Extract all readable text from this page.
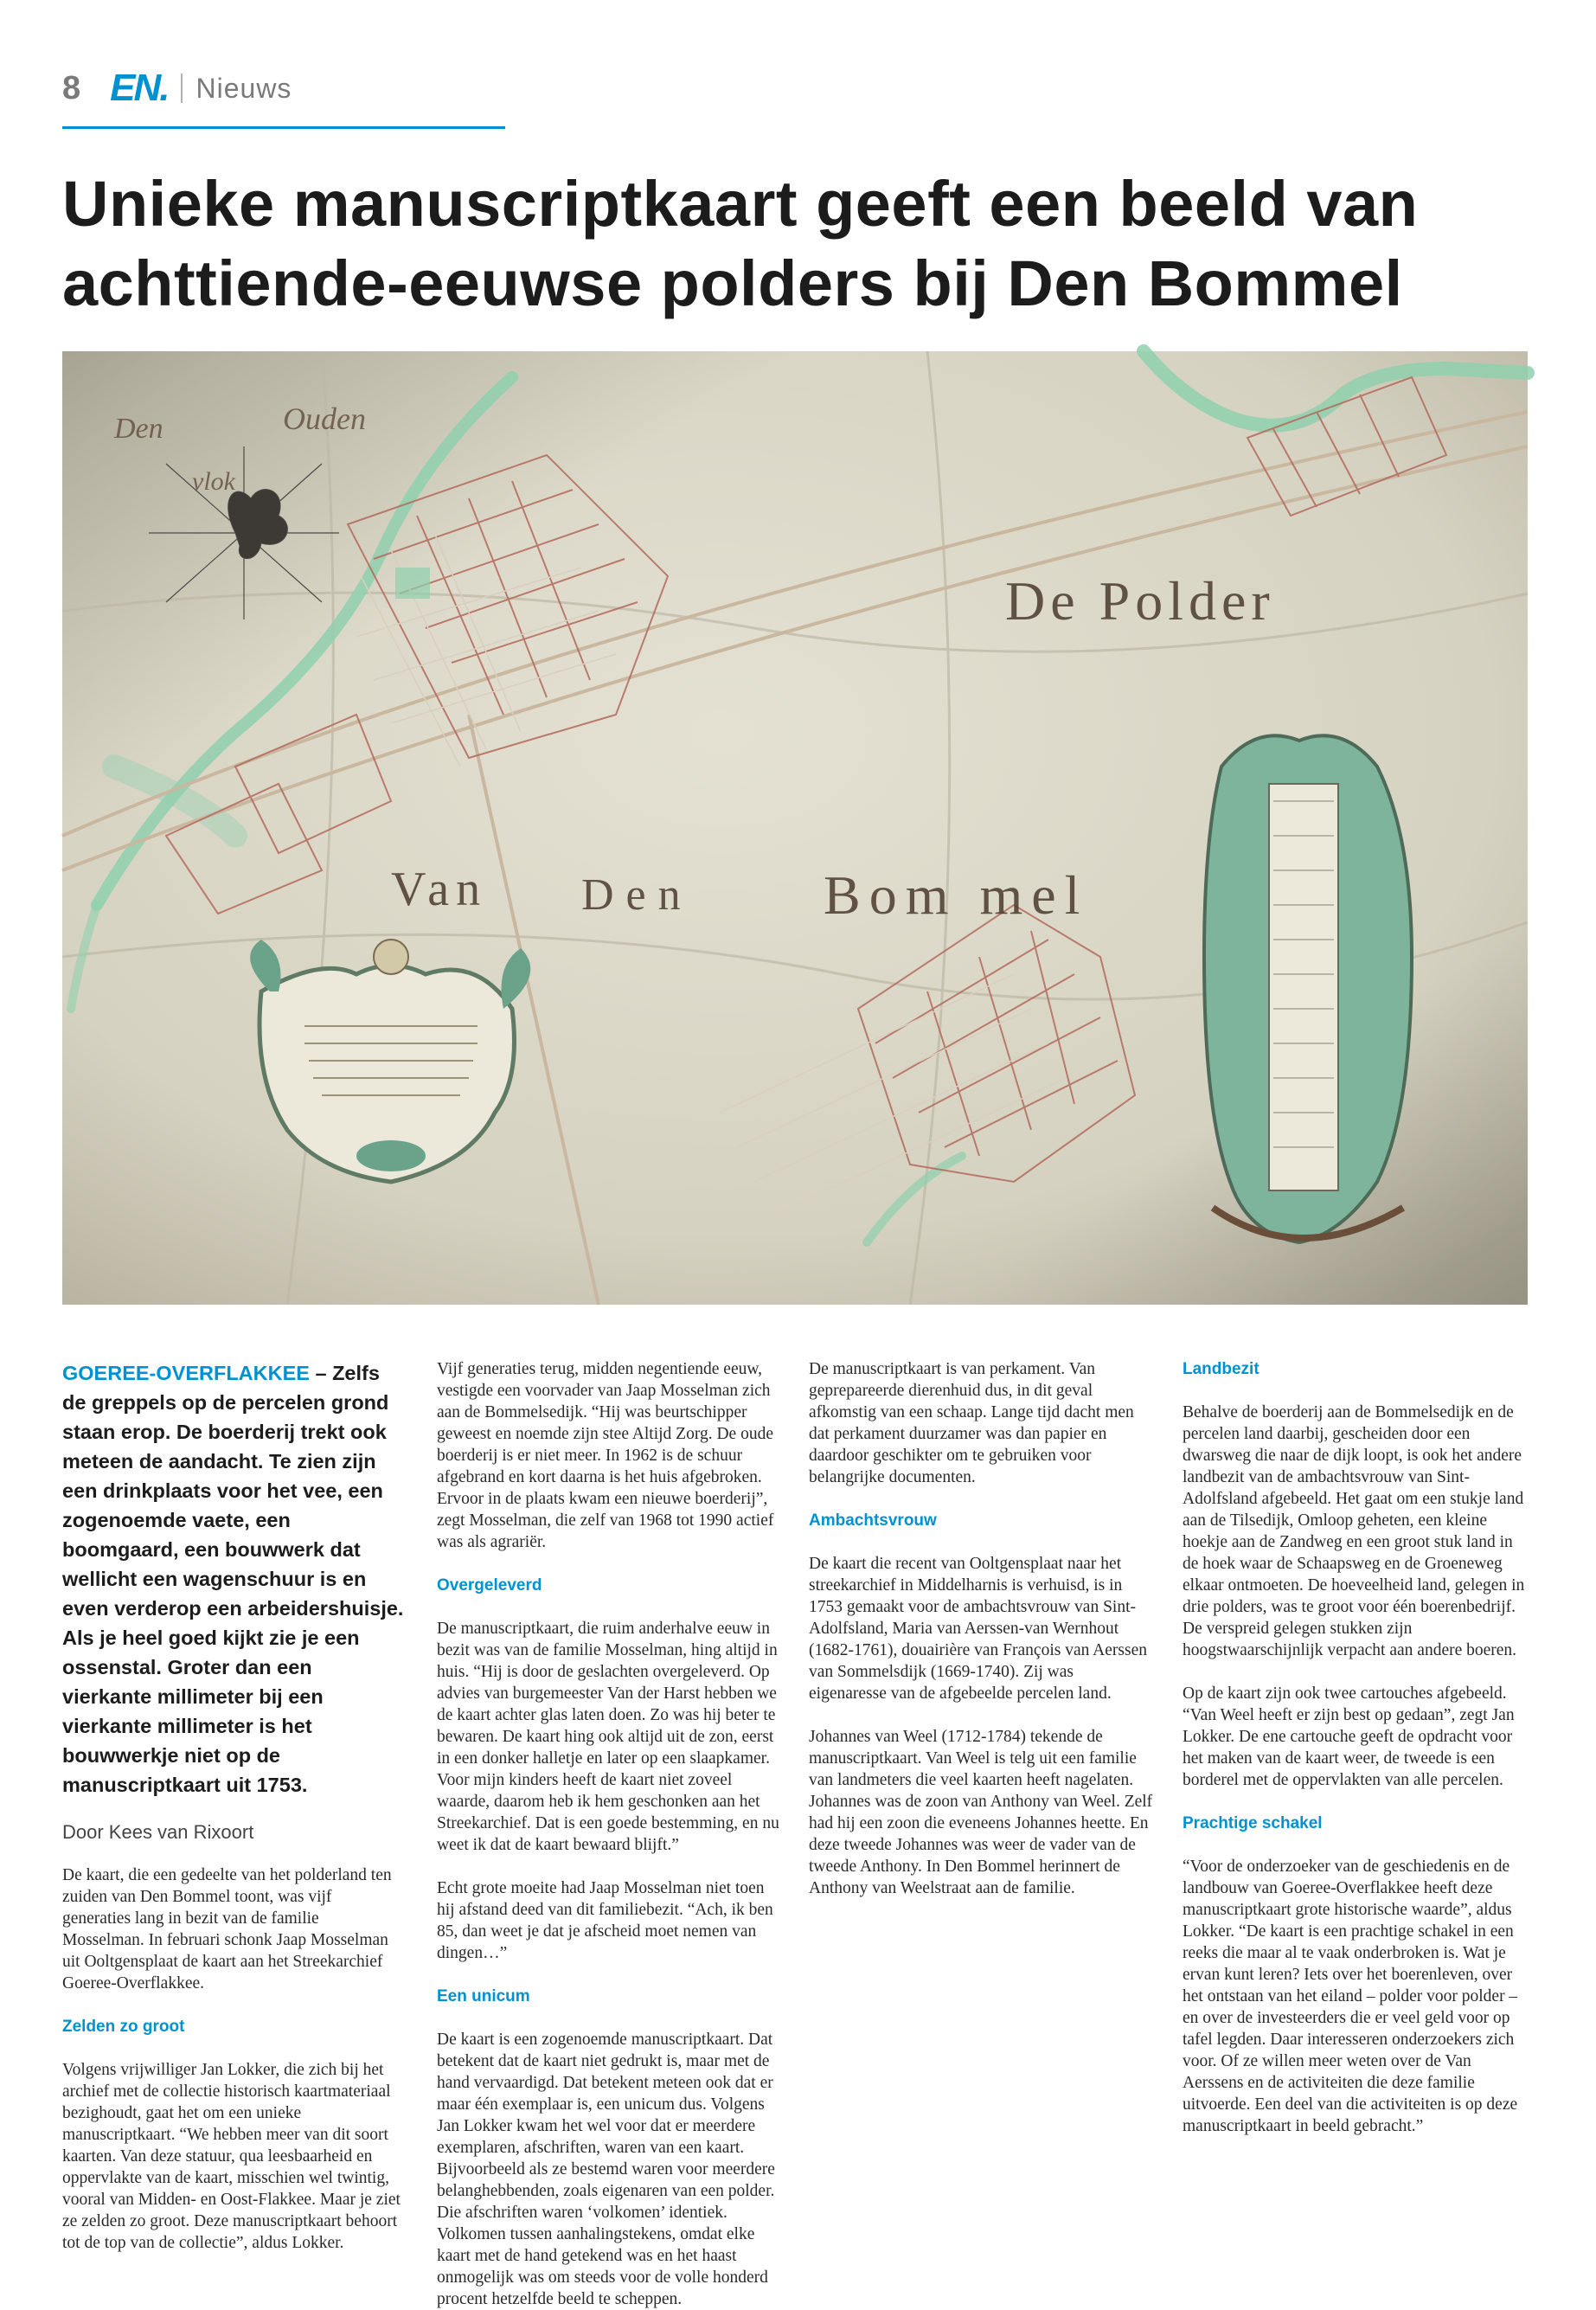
8 EN. Nieuws
Unieke manuscriptkaart geeft een beeld van achttiende-eeuwse polders bij Den Bommel
Den	Ouden
vlok
De Polder
Van Den Bom mel

GOEREE-OVERFLAKKEE – Zelfs de greppels op de percelen grond staan erop. De boerderij trekt ook meteen de aandacht. Te zien zijn een drinkplaats voor het vee, een zogenoemde vaete, een boomgaard, een bouwwerk dat wellicht een wagenschuur is en even verderop een arbeidershuisje. Als je heel goed kijkt zie je een ossenstal. Groter dan een vierkante millimeter bij een vierkante millimeter is het bouwwerkje niet op de manuscriptkaart uit 1753.

Door Kees van Rixoort

De kaart, die een gedeelte van het polderland ten zuiden van Den Bommel toont, was vijf generaties lang in bezit van de familie Mosselman. In februari schonk Jaap Mosselman uit Ooltgensplaat de kaart aan het Streekarchief Goeree-Overflakkee.

Zelden zo groot

Volgens vrijwilliger Jan Lokker, die zich bij het archief met de collectie historisch kaartmateriaal bezighoudt, gaat het om een unieke manuscriptkaart. “We hebben meer van dit soort kaarten. Van deze statuur, qua leesbaarheid en oppervlakte van de kaart, misschien wel twintig, vooral van Midden- en Oost-Flakkee. Maar je ziet ze zelden zo groot. Deze manuscriptkaart behoort tot de top van de collectie”, aldus Lokker.

Vijf generaties terug, midden negentiende eeuw, vestigde een voorvader van Jaap Mosselman zich aan de Bommelsedijk. “Hij was beurtschipper geweest en noemde zijn stee Altijd Zorg. De oude boerderij is er niet meer. In 1962 is de schuur afgebrand en kort daarna is het huis afgebroken. Ervoor in de plaats kwam een nieuwe boerderij”, zegt Mosselman, die zelf van 1968 tot 1990 actief was als agrariër.

Overgeleverd

De manuscriptkaart, die ruim anderhalve eeuw in bezit was van de familie Mosselman, hing altijd in huis. “Hij is door de geslachten overgeleverd. Op advies van burgemeester Van der Harst hebben we de kaart achter glas laten doen. Zo was hij beter te bewaren. De kaart hing ook altijd uit de zon, eerst in een donker halletje en later op een slaapkamer. Voor mijn kinders heeft de kaart niet zoveel waarde, daarom heb ik hem geschonken aan het Streekarchief. Dat is een goede bestemming, en nu weet ik dat de kaart bewaard blijft.”

Echt grote moeite had Jaap Mosselman niet toen hij afstand deed van dit familiebezit. “Ach, ik ben 85, dan weet je dat je afscheid moet nemen van dingen…”

Een unicum

De kaart is een zogenoemde manuscriptkaart. Dat betekent dat de kaart niet gedrukt is, maar met de hand vervaardigd. Dat betekent meteen ook dat er maar één exemplaar is, een unicum dus. Volgens Jan Lokker kwam het wel voor dat er meerdere exemplaren, afschriften, waren van een kaart. Bijvoorbeeld als ze bestemd waren voor meerdere belanghebbenden, zoals eigenaren van een polder. Die afschriften waren ‘volkomen’ identiek. Volkomen tussen aanhalingstekens, omdat elke kaart met de hand getekend was en het haast onmogelijk was om steeds voor de volle honderd procent hetzelfde beeld te scheppen.

De manuscriptkaart is van perkament. Van geprepareerde dierenhuid dus, in dit geval afkomstig van een schaap. Lange tijd dacht men dat perkament duurzamer was dan papier en daardoor geschikter om te gebruiken voor belangrijke documenten.

Ambachtsvrouw

De kaart die recent van Ooltgensplaat naar het streekarchief in Middelharnis is verhuisd, is in 1753 gemaakt voor de ambachtsvrouw van Sint-Adolfsland, Maria van Aerssen-van Wernhout (1682-1761), douairière van François van Aerssen van Sommelsdijk (1669-1740). Zij was eigenaresse van de afgebeelde percelen land.

Johannes van Weel (1712-1784) tekende de manuscriptkaart. Van Weel is telg uit een familie van landmeters die veel kaarten heeft nagelaten. Johannes was de zoon van Anthony van Weel. Zelf had hij een zoon die eveneens Johannes heette. En deze tweede Johannes was weer de vader van de tweede Anthony. In Den Bommel herinnert de Anthony van Weelstraat aan de familie.

Landbezit

Behalve de boerderij aan de Bommelsedijk en de percelen land daarbij, gescheiden door een dwarsweg die naar de dijk loopt, is ook het andere landbezit van de ambachtsvrouw van Sint-Adolfsland afgebeeld. Het gaat om een stukje land aan de Tilsedijk, Omloop geheten, een kleine hoekje aan de Zandweg en een groot stuk land in de hoek waar de Schaapsweg en de Groeneweg elkaar ontmoeten. De hoeveelheid land, gelegen in drie polders, was te groot voor één boerenbedrijf. De verspreid gelegen stukken zijn hoogstwaarschijnlijk verpacht aan andere boeren.

Op de kaart zijn ook twee cartouches afgebeeld. “Van Weel heeft er zijn best op gedaan”, zegt Jan Lokker. De ene cartouche geeft de opdracht voor het maken van de kaart weer, de tweede is een borderel met de oppervlakten van alle percelen.

Prachtige schakel

“Voor de onderzoeker van de geschiedenis en de landbouw van Goeree-Overflakkee heeft deze manuscriptkaart grote historische waarde”, aldus Lokker. “De kaart is een prachtige schakel in een reeks die maar al te vaak onderbroken is. Wat je ervan kunt leren? Iets over het boerenleven, over het ontstaan van het eiland – polder voor polder – en over de investeerders die er veel geld voor op tafel legden. Daar interesseren onderzoekers zich voor. Of ze willen meer weten over de Van Aerssens en de activiteiten die deze familie uitvoerde. Een deel van die activiteiten is op deze manuscriptkaart in beeld gebracht.”
